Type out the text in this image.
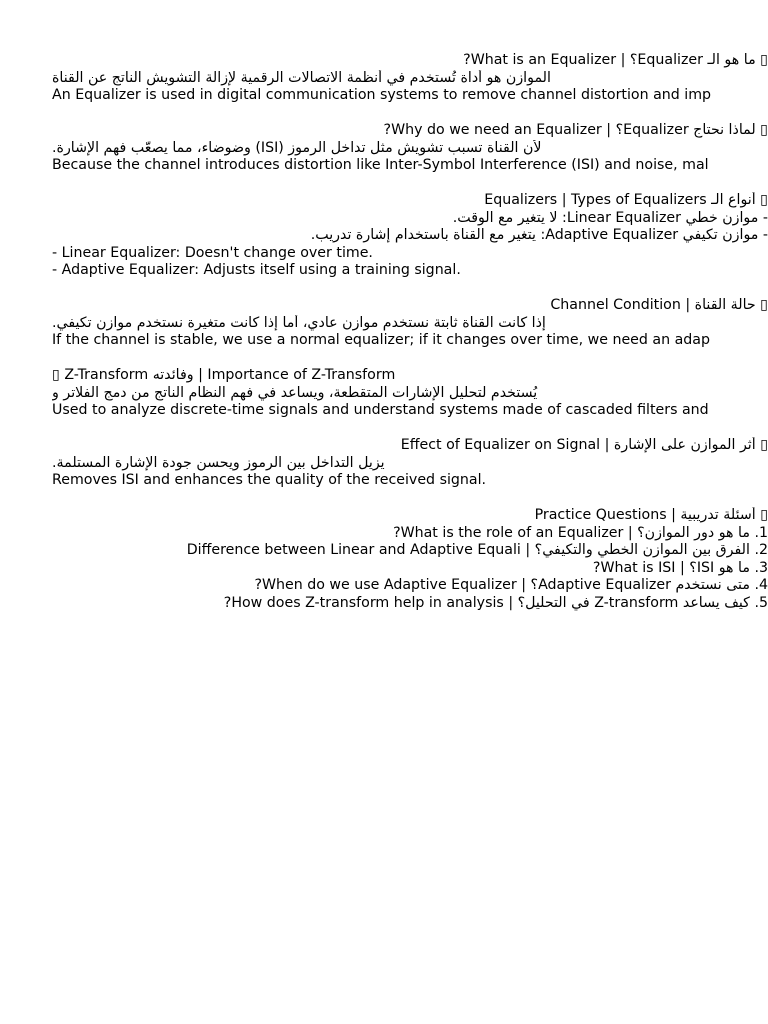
▯ ما هو الـ Equalizer؟ | What is an Equalizer?
الموازن هو أداة تُستخدم في أنظمة الاتصالات الرقمية لإزالة التشويش الناتج عن القناة
An Equalizer is used in digital communication systems to remove channel distortion and imp
▯ لماذا نحتاج Equalizer؟ | Why do we need an Equalizer?
لأن القناة تسبب تشويش مثل تداخل الرموز (ISI) وضوضاء، مما يصعّب فهم الإشارة.
Because the channel introduces distortion like Inter-Symbol Interference (ISI) and noise, mal
▯ أنواع الـ Equalizers | Types of Equalizers
- موازن خطي Linear Equalizer: لا يتغير مع الوقت.
- موازن تكيفي Adaptive Equalizer: يتغير مع القناة باستخدام إشارة تدريب.
- Linear Equalizer: Doesn't change over time.
- Adaptive Equalizer: Adjusts itself using a training signal.
▯ حالة القناة | Channel Condition
إذا كانت القناة ثابتة نستخدم موازن عادي، أما إذا كانت متغيرة نستخدم موازن تكيفي.
If the channel is stable, we use a normal equalizer; if it changes over time, we need an adap
▯ Z-Transform وفائدته | Importance of Z-Transform
يُستخدم لتحليل الإشارات المتقطعة، ويساعد في فهم النظام الناتج من دمج الفلاتر و
Used to analyze discrete-time signals and understand systems made of cascaded filters and
▯ أثر الموازن على الإشارة | Effect of Equalizer on Signal
يزيل التداخل بين الرموز ويحسن جودة الإشارة المستلمة.
Removes ISI and enhances the quality of the received signal.
▯ أسئلة تدريبية | Practice Questions
1. ما هو دور الموازن؟ | What is the role of an Equalizer?
2. الفرق بين الموازن الخطي والتكيفي؟ | Difference between Linear and Adaptive Equali
3. ما هو ISI؟ | What is ISI?
4. متى نستخدم Adaptive Equalizer؟ | When do we use Adaptive Equalizer?
5. كيف يساعد Z-transform في التحليل؟ | How does Z-transform help in analysis?
